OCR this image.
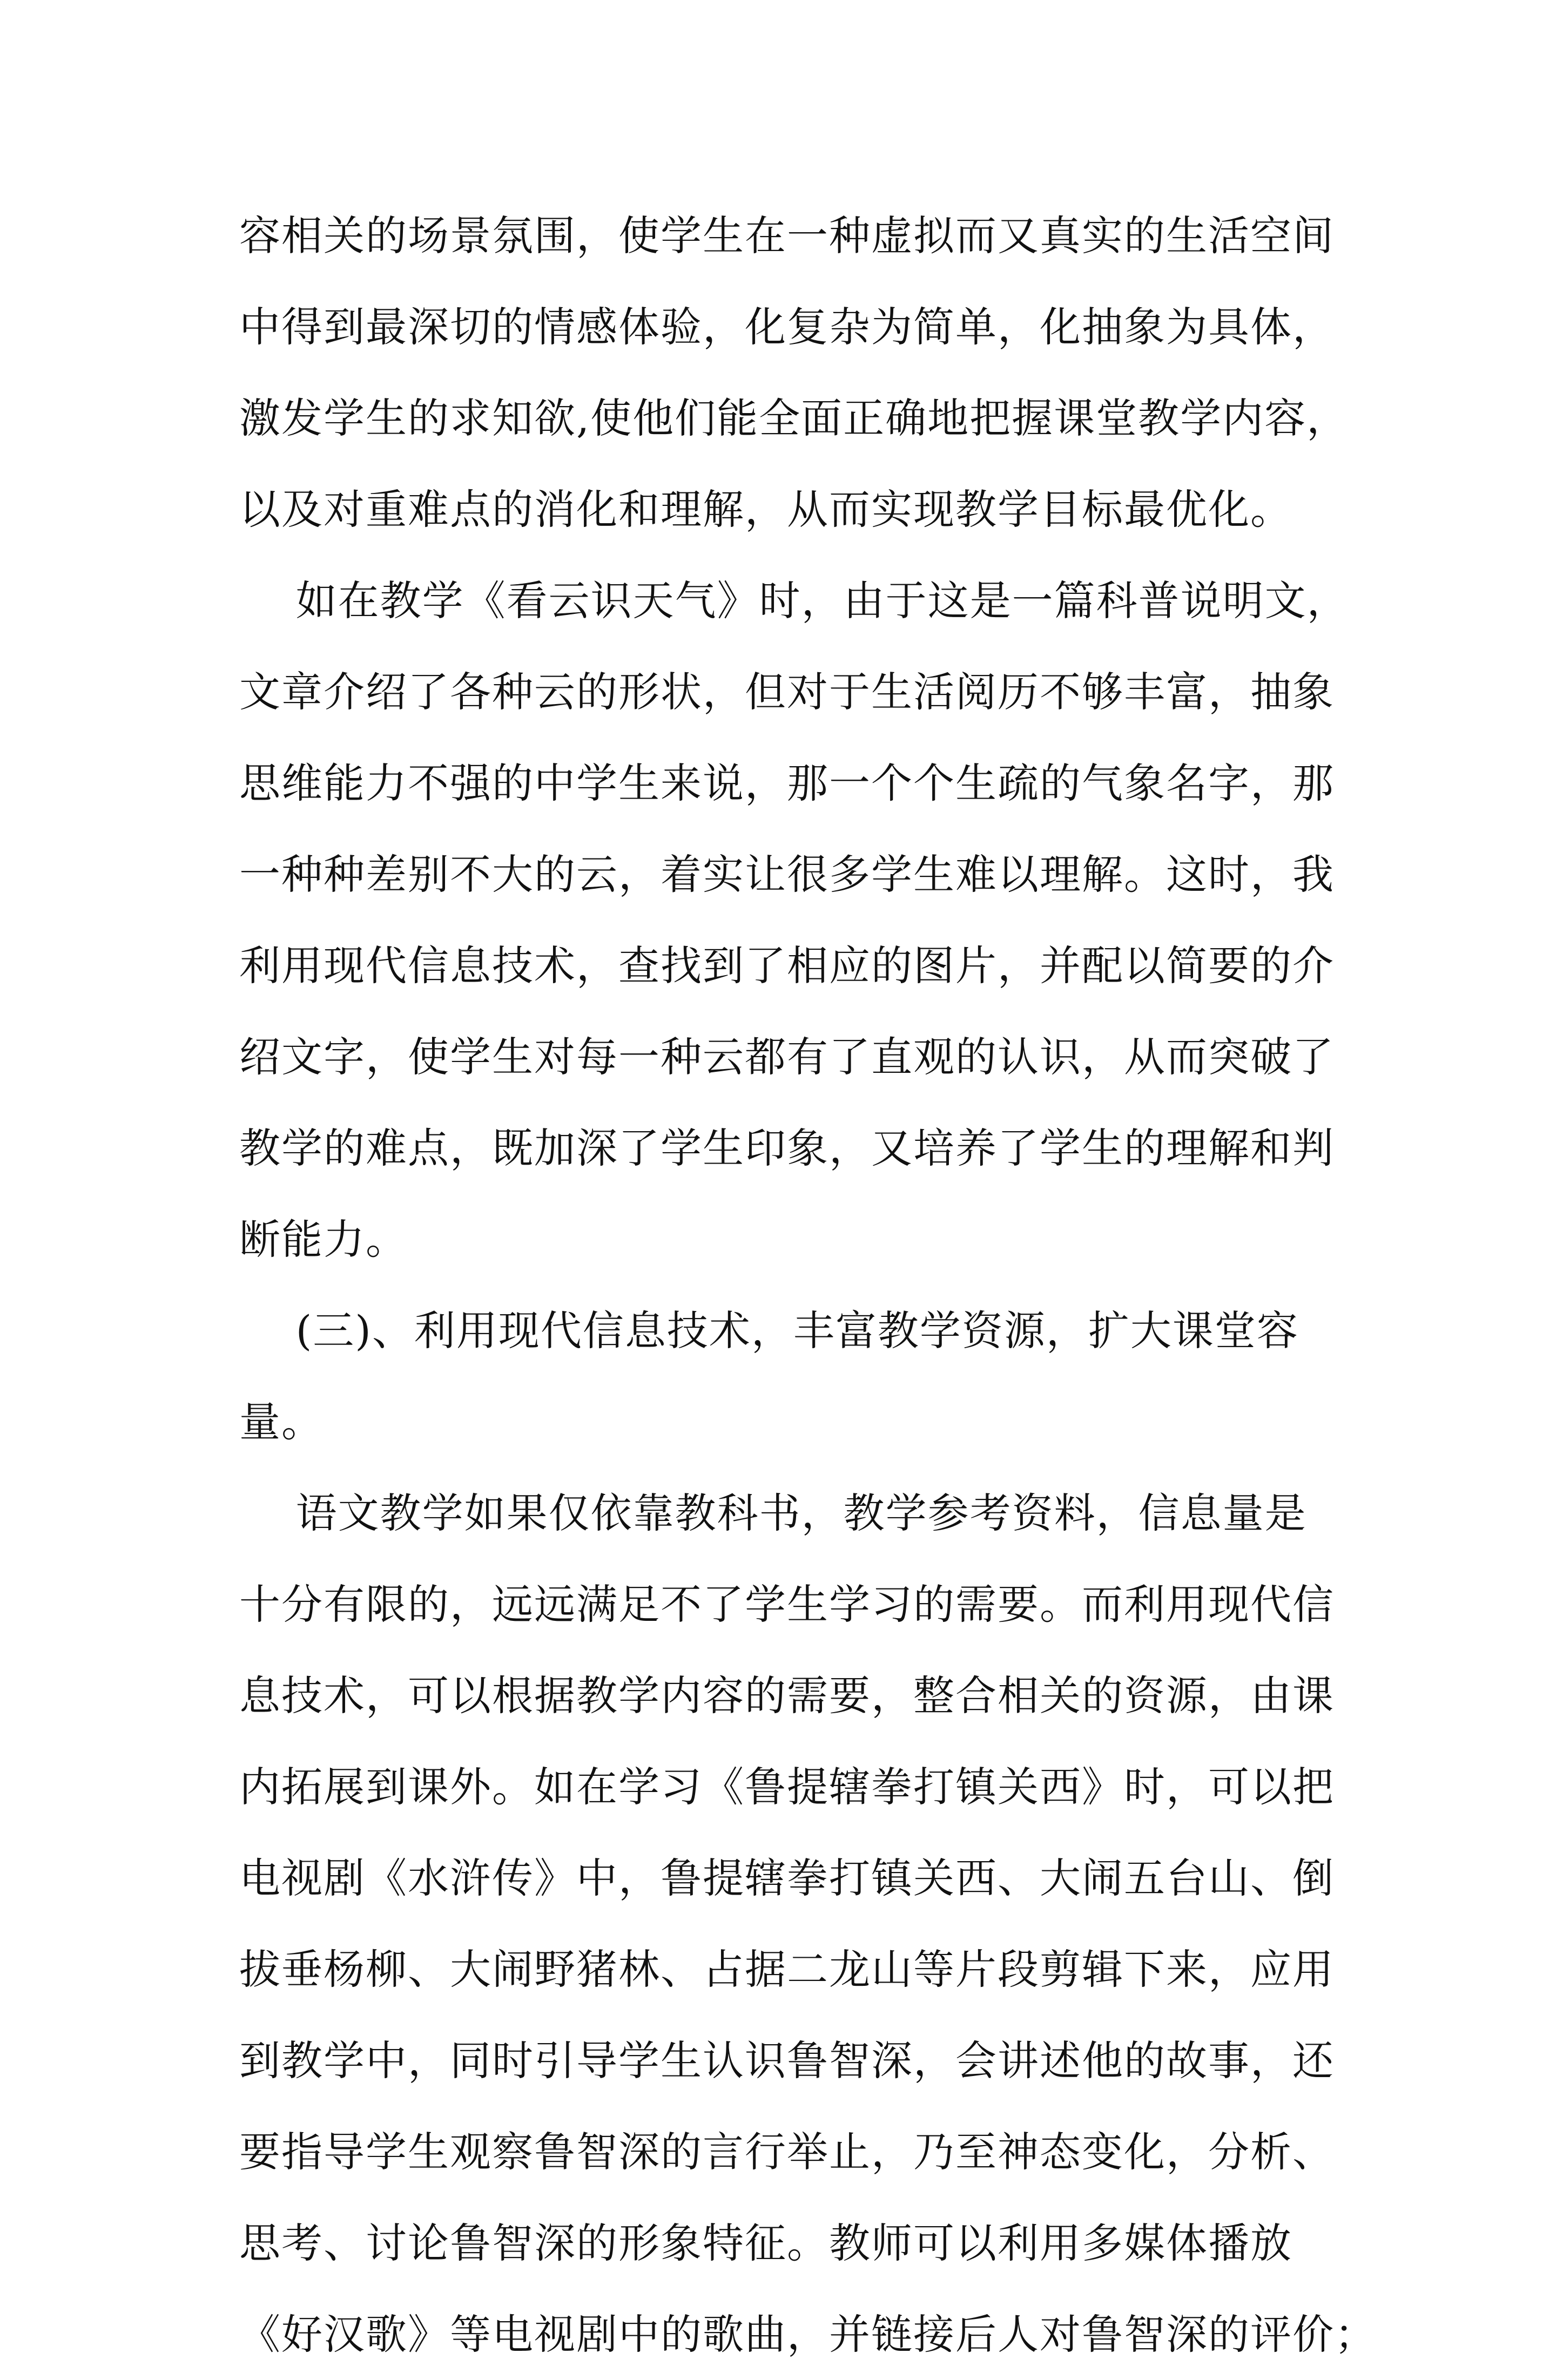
容相关的场景氛围，使学生在一种虚拟而又真实的生活空间
中得到最深切的情感体验，化复杂为简单，化抽象为具体，
激发学生的求知欲,使他们能全面正确地把握课堂教学内容，
以及对重难点的消化和理解，从而实现教学目标最优化。
如在教学《看云识天气》时，由于这是一篇科普说明文，
文章介绍了各种云的形状，但对于生活阅历不够丰富，抽象
思维能力不强的中学生来说，那一个个生疏的气象名字，那
一种种差别不大的云，着实让很多学生难以理解。这时，我
利用现代信息技术，查找到了相应的图片，并配以简要的介
绍文字，使学生对每一种云都有了直观的认识，从而突破了
教学的难点，既加深了学生印象，又培养了学生的理解和判
断能力。
(三)、利用现代信息技术，丰富教学资源，扩大课堂容
量。
语文教学如果仅依靠教科书，教学参考资料，信息量是
十分有限的，远远满足不了学生学习的需要。而利用现代信
息技术，可以根据教学内容的需要，整合相关的资源，由课
内拓展到课外。如在学习《鲁提辖拳打镇关西》时，可以把
电视剧《水浒传》中，鲁提辖拳打镇关西、大闹五台山、倒
拔垂杨柳、大闹野猪林、占据二龙山等片段剪辑下来，应用
到教学中，同时引导学生认识鲁智深，会讲述他的故事，还
要指导学生观察鲁智深的言行举止，乃至神态变化，分析、
思考、讨论鲁智深的形象特征。教师可以利用多媒体播放
《好汉歌》等电视剧中的歌曲，并链接后人对鲁智深的评价；
